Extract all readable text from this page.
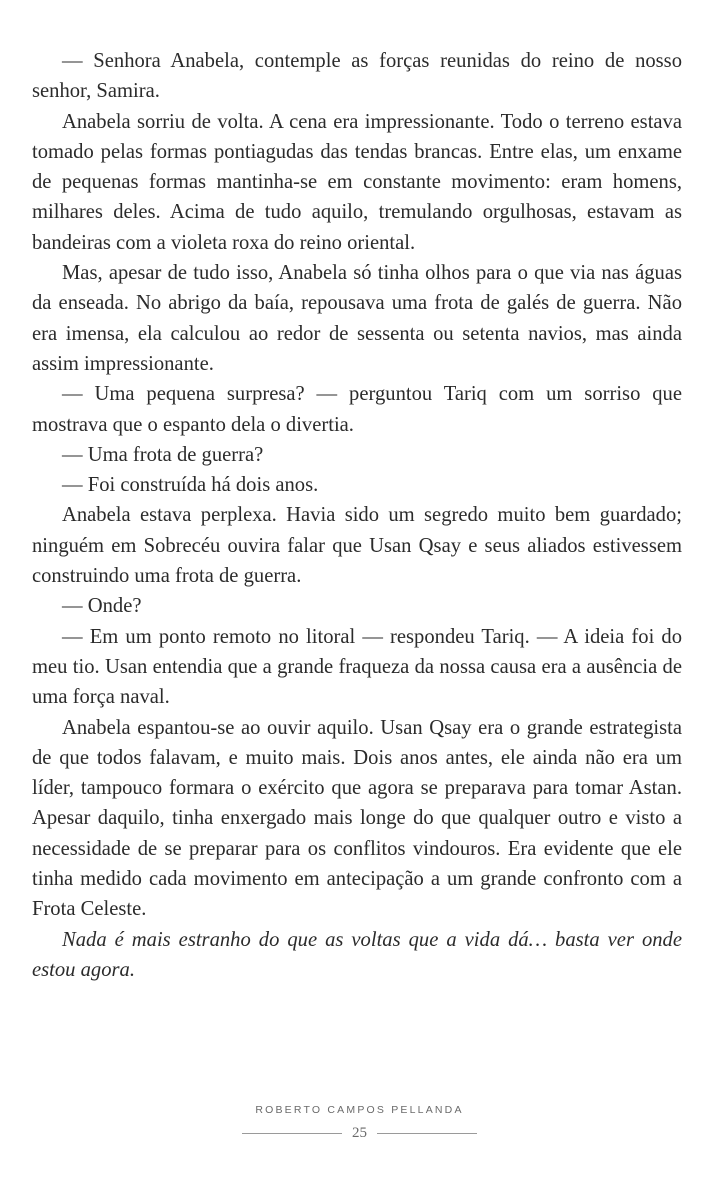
— Senhora Anabela, contemple as forças reunidas do reino de nosso senhor, Samira.

Anabela sorriu de volta. A cena era impressionante. Todo o terreno estava tomado pelas formas pontiagudas das tendas brancas. Entre elas, um enxame de pequenas formas mantinha-se em constante movimento: eram homens, milhares deles. Acima de tudo aquilo, tremulando orgulhosas, estavam as bandeiras com a violeta roxa do reino oriental.

Mas, apesar de tudo isso, Anabela só tinha olhos para o que via nas águas da enseada. No abrigo da baía, repousava uma frota de galés de guerra. Não era imensa, ela calculou ao redor de sessenta ou setenta navios, mas ainda assim impressionante.

— Uma pequena surpresa? — perguntou Tariq com um sorriso que mostrava que o espanto dela o divertia.

— Uma frota de guerra?

— Foi construída há dois anos.

Anabela estava perplexa. Havia sido um segredo muito bem guardado; ninguém em Sobrecéu ouvira falar que Usan Qsay e seus aliados estivessem construindo uma frota de guerra.

— Onde?

— Em um ponto remoto no litoral — respondeu Tariq. — A ideia foi do meu tio. Usan entendia que a grande fraqueza da nossa causa era a ausência de uma força naval.

Anabela espantou-se ao ouvir aquilo. Usan Qsay era o grande estrategista de que todos falavam, e muito mais. Dois anos antes, ele ainda não era um líder, tampouco formara o exército que agora se preparava para tomar Astan. Apesar daquilo, tinha enxergado mais longe do que qualquer outro e visto a necessidade de se preparar para os conflitos vindouros. Era evidente que ele tinha medido cada movimento em antecipação a um grande confronto com a Frota Celeste.

Nada é mais estranho do que as voltas que a vida dá… basta ver onde estou agora.

ROBERTO CAMPOS PELLANDA
25
